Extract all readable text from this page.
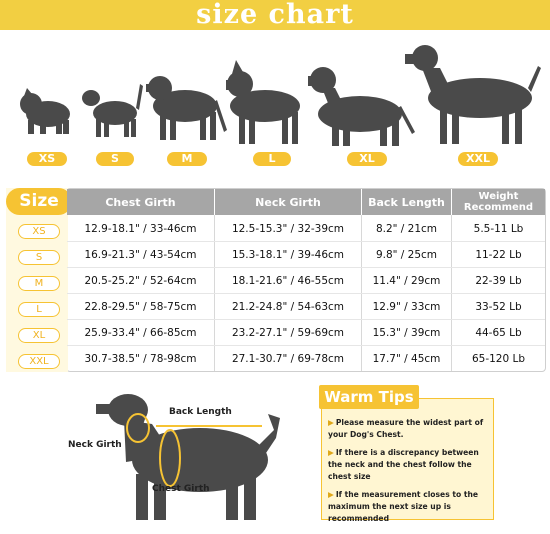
size chart
XS	S	M	L	XL	XXL
Size	Chest Girth	Neck Girth	Back Length	Weight
Recommend
XS	12.9-18.1" / 33-46cm	12.5-15.3" / 32-39cm	8.2" / 21cm	5.5-11 Lb
S	16.9-21.3" / 43-54cm	15.3-18.1" / 39-46cm	9.8" / 25cm	11-22 Lb
M	20.5-25.2" / 52-64cm	18.1-21.6" / 46-55cm	11.4" / 29cm	22-39 Lb
L	22.8-29.5" / 58-75cm	21.2-24.8" / 54-63cm	12.9" / 33cm	33-52 Lb
XL	25.9-33.4" / 66-85cm	23.2-27.1" / 59-69cm	15.3" / 39cm	44-65 Lb
XXL	30.7-38.5" / 78-98cm	27.1-30.7" / 69-78cm	17.7" / 45cm	65-120 Lb
Back Length
Neck Girth
Chest Girth
▶ Please measure the widest part of your Dog's Chest.
▶ If there is a discrepancy between the neck and the chest follow the chest size
▶ If the measurement closes to the maximum the next size up is recommended
Warm Tips
